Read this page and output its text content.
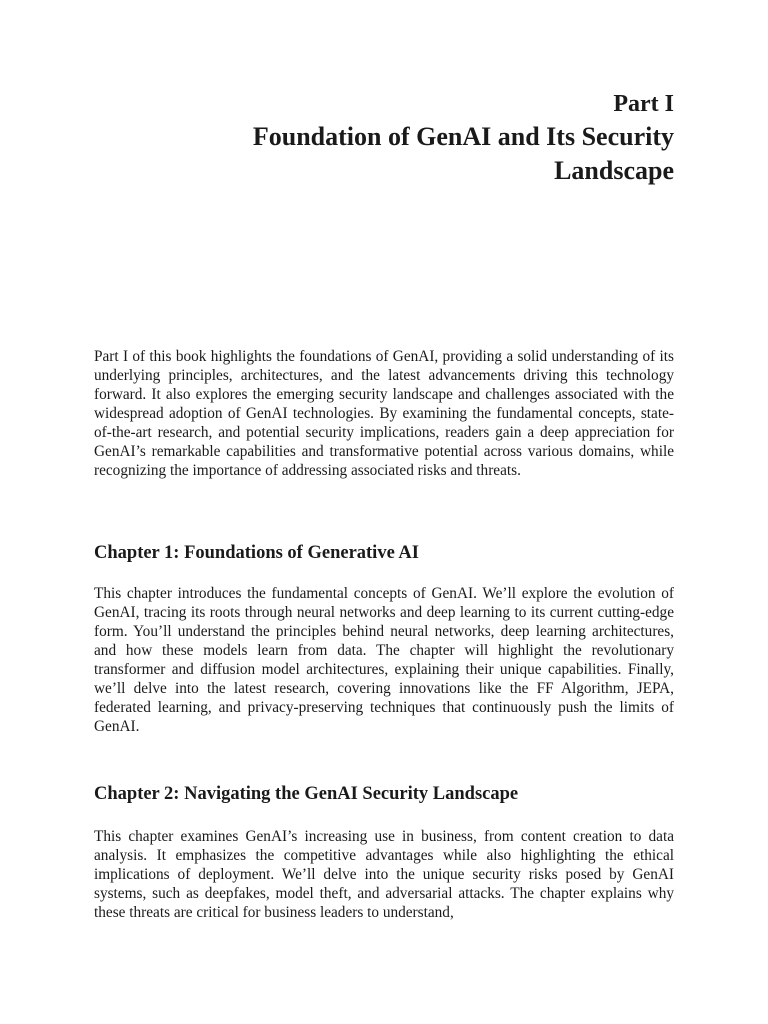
Part I
Foundation of GenAI and Its Security
Landscape

Part I of this book highlights the foundations of GenAI, providing a solid understanding of its underlying principles, architectures, and the latest advancements driving this technology forward. It also explores the emerging security landscape and challenges associated with the widespread adoption of GenAI technologies. By examining the fundamental concepts, state-of-the-art research, and potential security implications, readers gain a deep appreciation for GenAI’s remarkable capabilities and transformative potential across various domains, while recognizing the importance of addressing associated risks and threats.

Chapter 1: Foundations of Generative AI

This chapter introduces the fundamental concepts of GenAI. We’ll explore the evolution of GenAI, tracing its roots through neural networks and deep learning to its current cutting-edge form. You’ll understand the principles behind neural networks, deep learning architectures, and how these models learn from data. The chapter will highlight the revolutionary transformer and diffusion model architectures, explaining their unique capabilities. Finally, we’ll delve into the latest research, covering innovations like the FF Algorithm, JEPA, federated learning, and privacy-preserving techniques that continuously push the limits of GenAI.

Chapter 2: Navigating the GenAI Security Landscape

This chapter examines GenAI’s increasing use in business, from content creation to data analysis. It emphasizes the competitive advantages while also highlighting the ethical implications of deployment. We’ll delve into the unique security risks posed by GenAI systems, such as deepfakes, model theft, and adversarial attacks. The chapter explains why these threats are critical for business leaders to understand,
